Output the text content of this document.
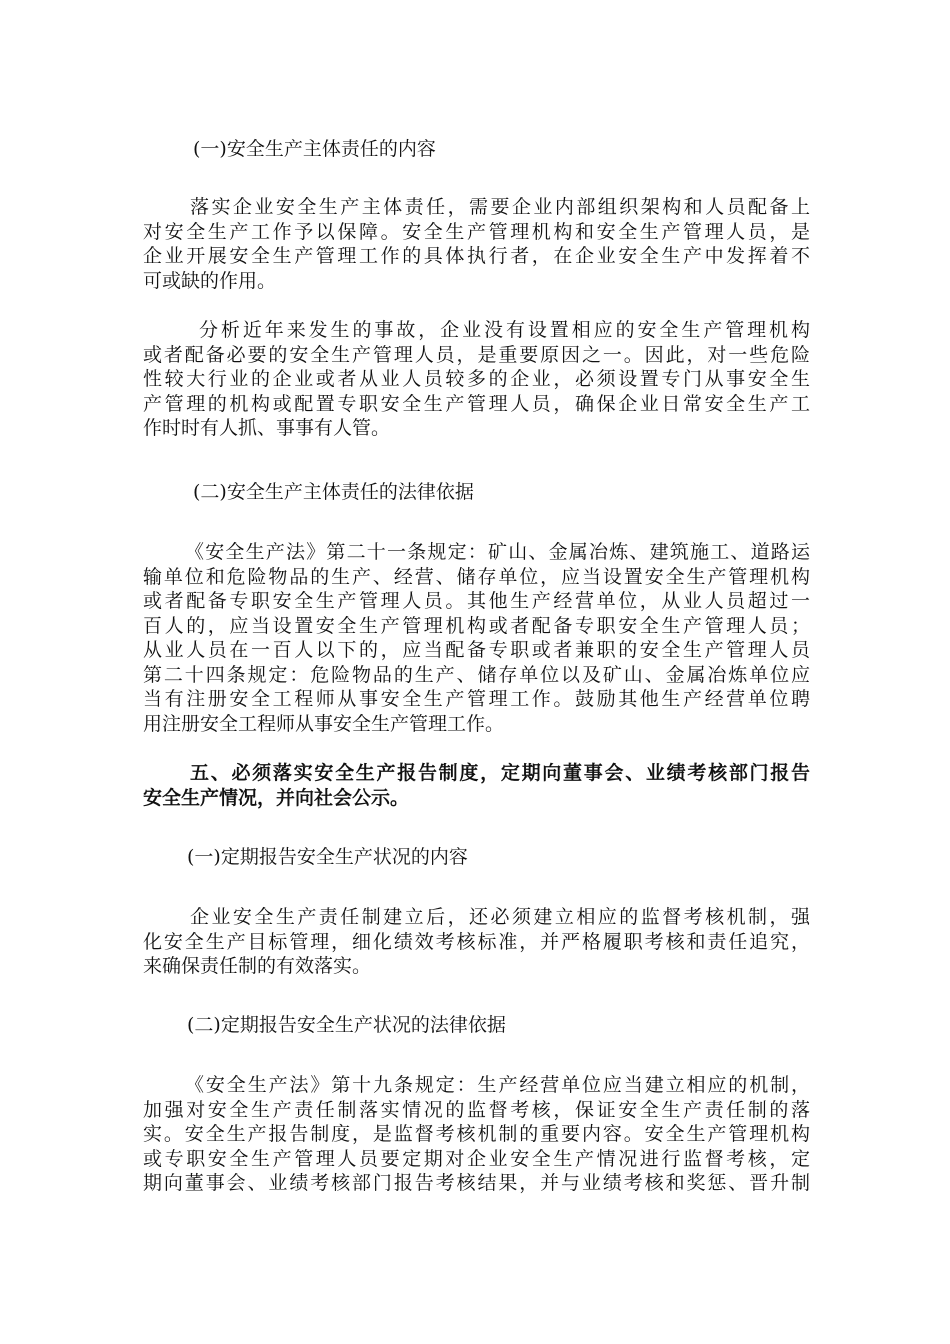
(一)安全生产主体责任的内容

落实企业安全生产主体责任，需要企业内部组织架构和人员配备上
对安全生产工作予以保障。安全生产管理机构和安全生产管理人员，是
企业开展安全生产管理工作的具体执行者，在企业安全生产中发挥着不
可或缺的作用。
分析近年来发生的事故，企业没有设置相应的安全生产管理机构
或者配备必要的安全生产管理人员，是重要原因之一。因此，对一些危险
性较大行业的企业或者从业人员较多的企业，必须设置专门从事安全生
产管理的机构或配置专职安全生产管理人员，确保企业日常安全生产工
作时时有人抓、事事有人管。

(二)安全生产主体责任的法律依据

《安全生产法》第二十一条规定：矿山、金属冶炼、建筑施工、道路运
输单位和危险物品的生产、经营、储存单位，应当设置安全生产管理机构
或者配备专职安全生产管理人员。其他生产经营单位，从业人员超过一
百人的，应当设置安全生产管理机构或者配备专职安全生产管理人员；
从业人员在一百人以下的，应当配备专职或者兼职的安全生产管理人员
第二十四条规定：危险物品的生产、储存单位以及矿山、金属冶炼单位应
当有注册安全工程师从事安全生产管理工作。鼓励其他生产经营单位聘
用注册安全工程师从事安全生产管理工作。
五、必须落实安全生产报告制度，定期向董事会、业绩考核部门报告
安全生产情况，并向社会公示。

(一)定期报告安全生产状况的内容

企业安全生产责任制建立后，还必须建立相应的监督考核机制，强
化安全生产目标管理，细化绩效考核标准，并严格履职考核和责任追究，
来确保责任制的有效落实。

(二)定期报告安全生产状况的法律依据

《安全生产法》第十九条规定：生产经营单位应当建立相应的机制，
加强对安全生产责任制落实情况的监督考核，保证安全生产责任制的落
实。安全生产报告制度，是监督考核机制的重要内容。安全生产管理机构
或专职安全生产管理人员要定期对企业安全生产情况进行监督考核，定
期向董事会、业绩考核部门报告考核结果，并与业绩考核和奖惩、晋升制
